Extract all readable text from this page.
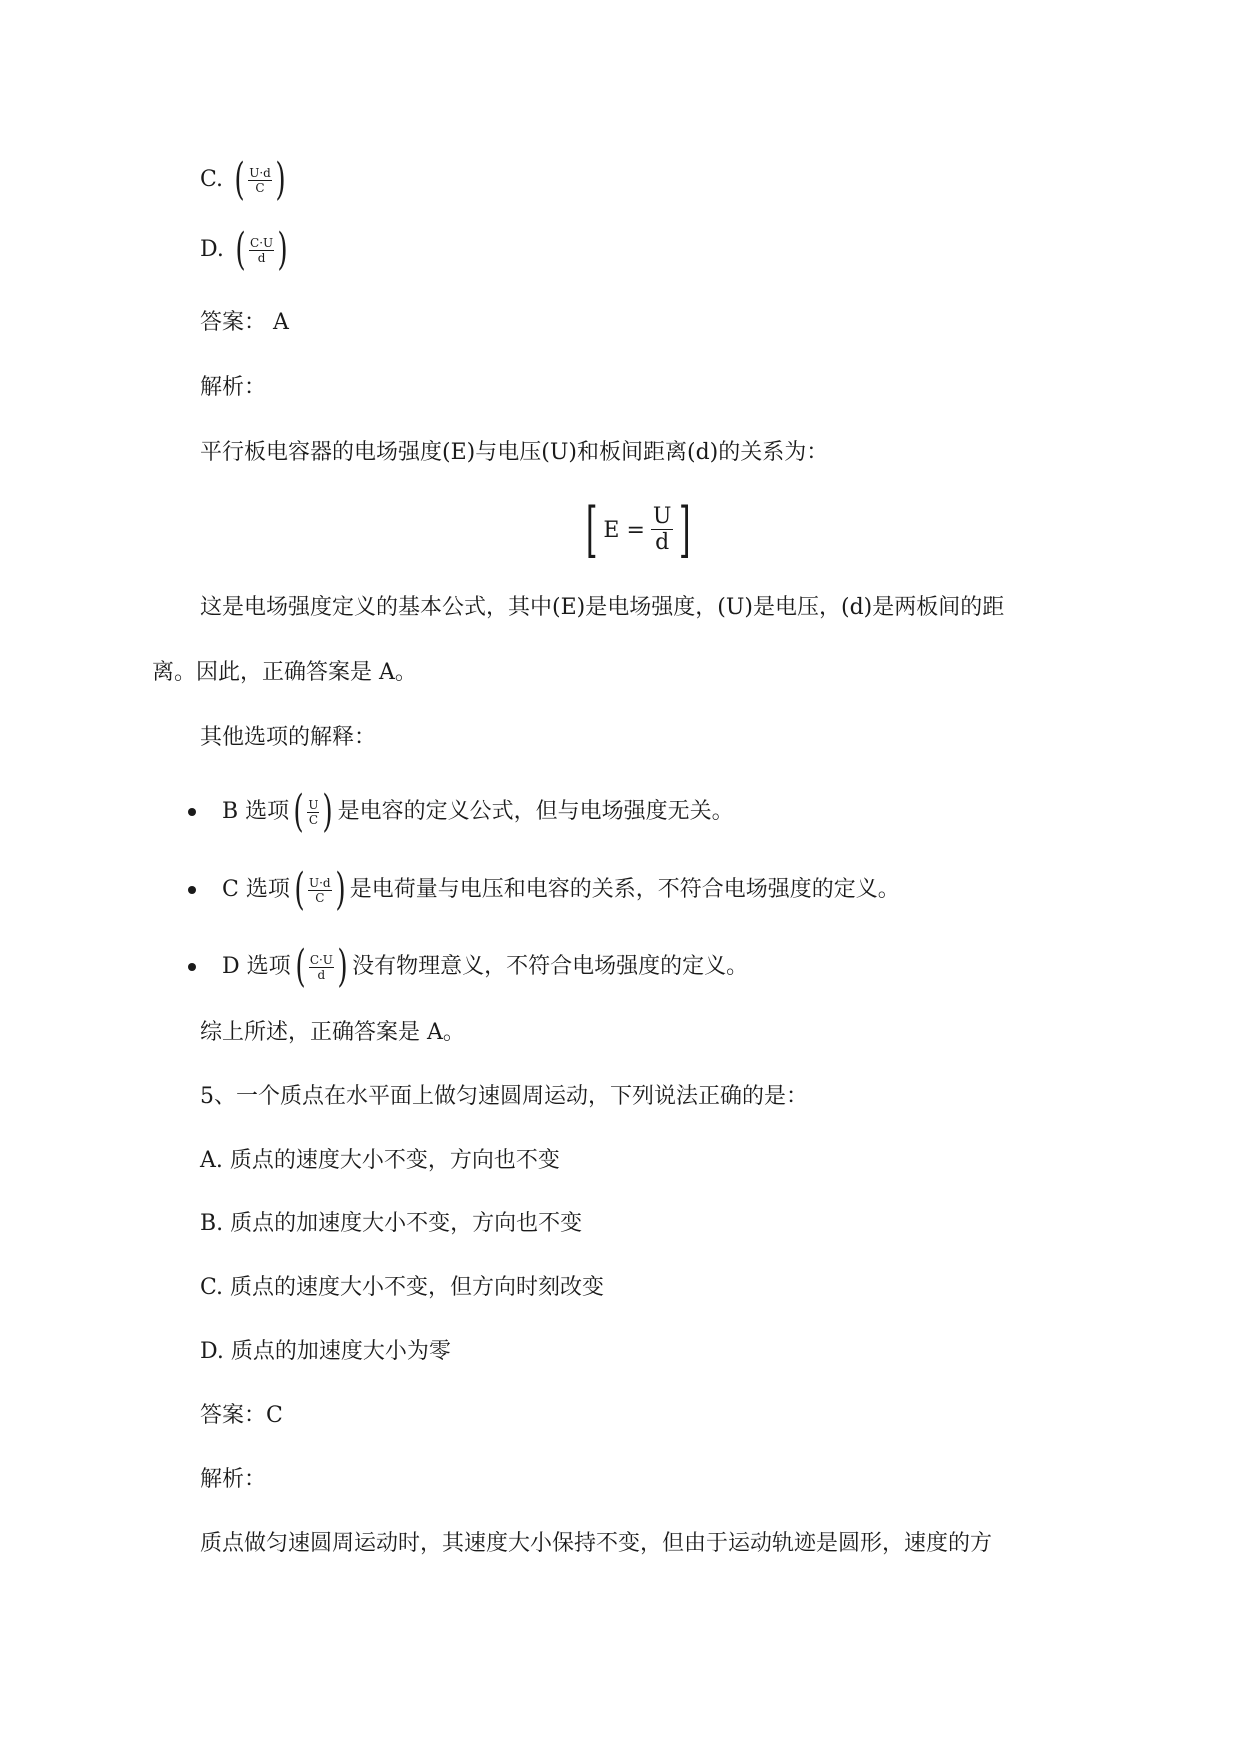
C. ( $\frac{U\cdot d}{C}$ )
D. ( $\frac{C\cdot U}{d}$ )
答案： A
解析：
平行板电容器的电场强度(E)与电压(U)和板间距离(d)的关系为：
[ $E = \frac{U}{d}$ ]
这是电场强度定义的基本公式，其中(E)是电场强度，(U)是电压，(d)是两板间的距
离。因此，正确答案是 A。
其他选项的解释：
B 选项 ( $\frac{U}{C}$ ) 是电容的定义公式，但与电场强度无关。
C 选项 ( $\frac{U\cdot d}{C}$ ) 是电荷量与电压和电容的关系，不符合电场强度的定义。
D 选项 ( $\frac{C\cdot U}{d}$ ) 没有物理意义，不符合电场强度的定义。
综上所述，正确答案是 A。
5、一个质点在水平面上做匀速圆周运动，下列说法正确的是：
A. 质点的速度大小不变，方向也不变
B. 质点的加速度大小不变，方向也不变
C. 质点的速度大小不变，但方向时刻改变
D. 质点的加速度大小为零
答案：C
解析：
质点做匀速圆周运动时，其速度大小保持不变，但由于运动轨迹是圆形，速度的方
